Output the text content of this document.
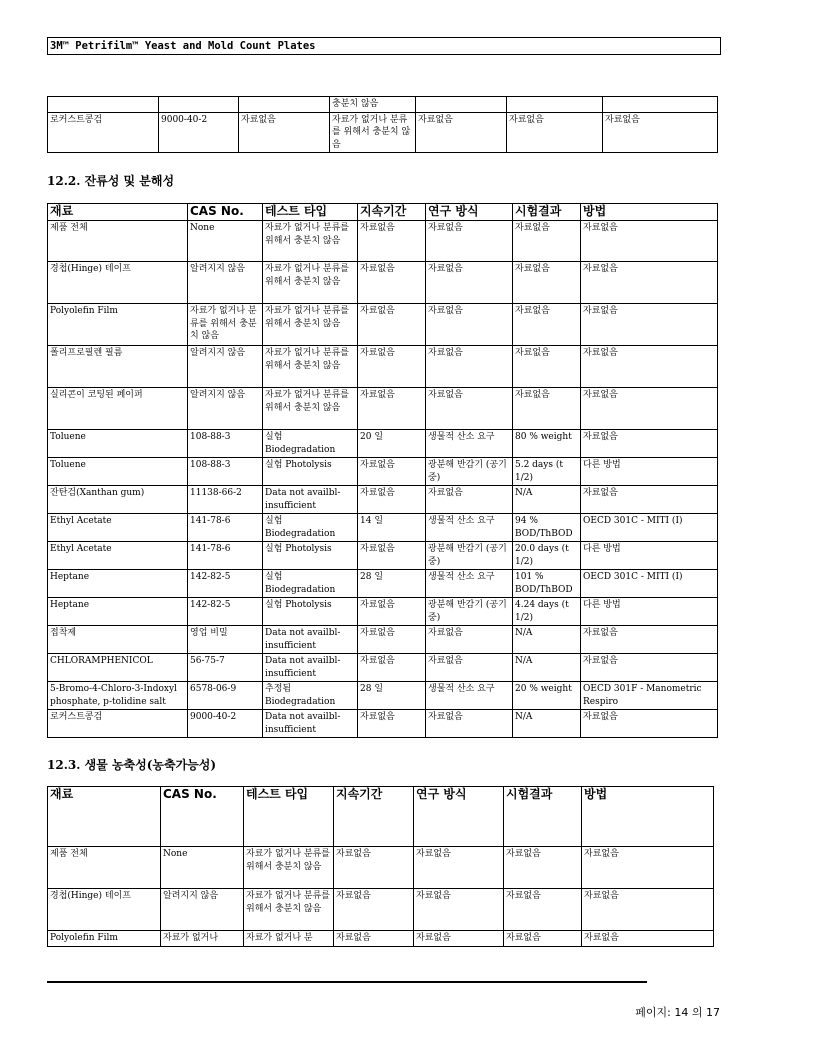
3M™ Petrifilm™ Yeast and Mold Count Plates
			충분치 않음			
로커스트콩검	9000-40-2	자료없음	자료가 없거나 분류를 위해서 충분치 않음	자료없음	자료없음	자료없음
12.2. 잔류성 및 분해성
재료	CAS No.	테스트 타입	지속기간	연구 방식	시험결과	방법
제품 전체	None	자료가 없거나 분류를 위해서 충분치 않음	자료없음	자료없음	자료없음	자료없음
경첩(Hinge) 테이프	알려지지 않음	자료가 없거나 분류를 위해서 충분치 않음	자료없음	자료없음	자료없음	자료없음
Polyolefin Film	자료가 없거나 분류를 위해서 충분치 않음	자료가 없거나 분류를 위해서 충분치 않음	자료없음	자료없음	자료없음	자료없음
폴리프로필렌 필름	알려지지 않음	자료가 없거나 분류를 위해서 충분치 않음	자료없음	자료없음	자료없음	자료없음
실리콘이 코팅된 페이퍼	알려지지 않음	자료가 없거나 분류를 위해서 충분치 않음	자료없음	자료없음	자료없음	자료없음
Toluene	108-88-3	실험 Biodegradation	20 일	생물적 산소 요구	80 % weight	자료없음
Toluene	108-88-3	실험 Photolysis	자료없음	광분해 반감기 (공기중)	5.2 days (t 1/2)	다른 방법
잔탄검(Xanthan gum)	11138-66-2	Data not availbl- insufficient	자료없음	자료없음	N/A	자료없음
Ethyl Acetate	141-78-6	실험 Biodegradation	14 일	생물적 산소 요구	94 % BOD/ThBOD	OECD 301C - MITI (I)
Ethyl Acetate	141-78-6	실험 Photolysis	자료없음	광분해 반감기 (공기중)	20.0 days (t 1/2)	다른 방법
Heptane	142-82-5	실험 Biodegradation	28 일	생물적 산소 요구	101 % BOD/ThBOD	OECD 301C - MITI (I)
Heptane	142-82-5	실험 Photolysis	자료없음	광분해 반감기 (공기중)	4.24 days (t 1/2)	다른 방법
접착제	영업 비밀	Data not availbl- insufficient	자료없음	자료없음	N/A	자료없음
CHLORAMPHENICOL	56-75-7	Data not availbl- insufficient	자료없음	자료없음	N/A	자료없음
5-Bromo-4-Chloro-3-Indoxyl phosphate, p-tolidine salt	6578-06-9	추정됨 Biodegradation	28 일	생물적 산소 요구	20 % weight	OECD 301F - Manometric Respiro
로커스트콩검	9000-40-2	Data not availbl- insufficient	자료없음	자료없음	N/A	자료없음
12.3. 생물 농축성(농축가능성)
재료	CAS No.	테스트 타입	지속기간	연구 방식	시험결과	방법
제품 전체	None	자료가 없거나 분류를 위해서 충분치 않음	자료없음	자료없음	자료없음	자료없음
경첩(Hinge) 테이프	알려지지 않음	자료가 없거나 분류를 위해서 충분치 않음	자료없음	자료없음	자료없음	자료없음
Polyolefin Film	자료가 없거나	자료가 없거나 분	자료없음	자료없음	자료없음	자료없음
페이지: 14 의 17
